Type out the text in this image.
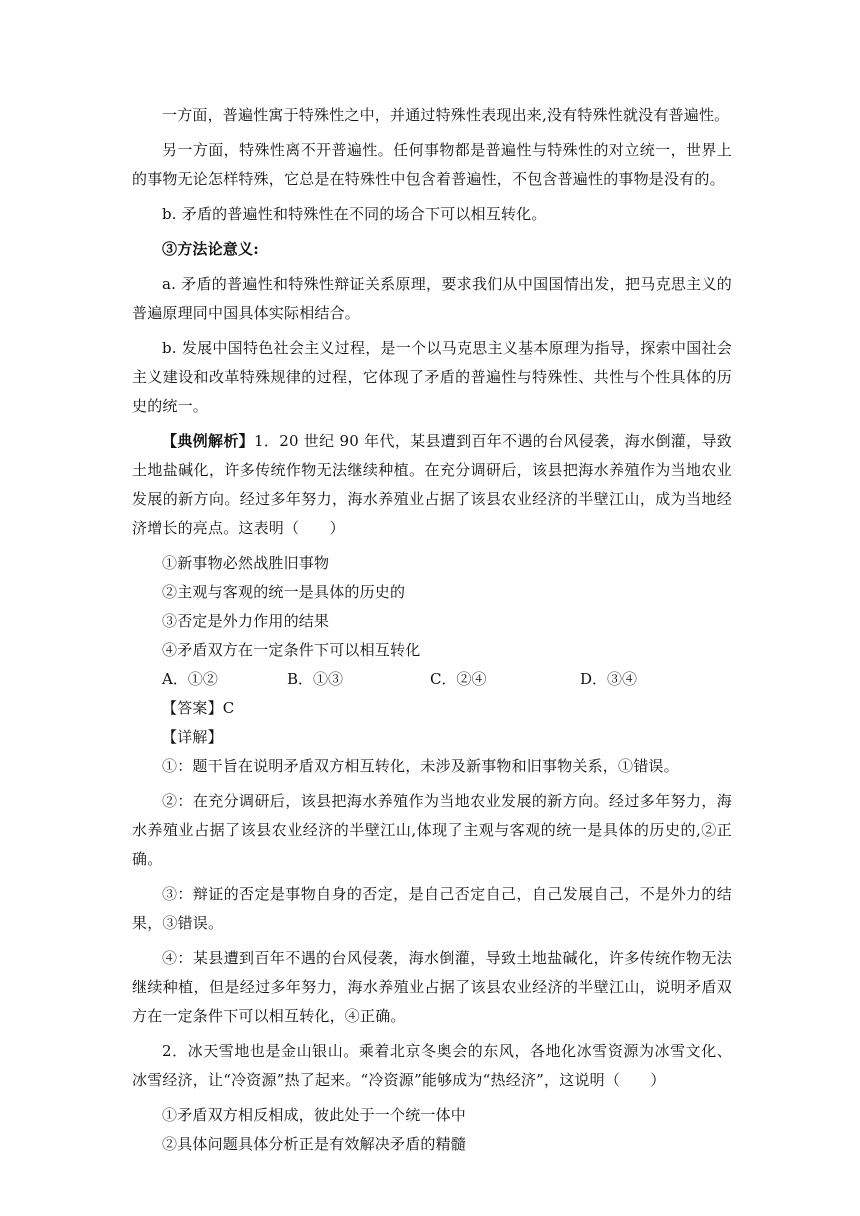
一方面，普遍性寓于特殊性之中，并通过特殊性表现出来,没有特殊性就没有普遍性。

另一方面，特殊性离不开普遍性。任何事物都是普遍性与特殊性的对立统一，世界上的事物无论怎样特殊，它总是在特殊性中包含着普遍性，不包含普遍性的事物是没有的。

b. 矛盾的普遍性和特殊性在不同的场合下可以相互转化。

③方法论意义:

a. 矛盾的普遍性和特殊性辩证关系原理，要求我们从中国国情出发，把马克思主义的普遍原理同中国具体实际相结合。

b. 发展中国特色社会主义过程，是一个以马克思主义基本原理为指导，探索中国社会主义建设和改革特殊规律的过程，它体现了矛盾的普遍性与特殊性、共性与个性具体的历史的统一。

【典例解析】1．20 世纪 90 年代，某县遭到百年不遇的台风侵袭，海水倒灌，导致土地盐碱化，许多传统作物无法继续种植。在充分调研后，该县把海水养殖作为当地农业发展的新方向。经过多年努力，海水养殖业占据了该县农业经济的半壁江山，成为当地经济增长的亮点。这表明（　　）

①新事物必然战胜旧事物

②主观与客观的统一是具体的历史的

③否定是外力作用的结果

④矛盾双方在一定条件下可以相互转化

A．①②	B．①③	C．②④	D．③④

【答案】C

【详解】

①：题干旨在说明矛盾双方相互转化，未涉及新事物和旧事物关系，①错误。

②：在充分调研后，该县把海水养殖作为当地农业发展的新方向。经过多年努力，海水养殖业占据了该县农业经济的半壁江山,体现了主观与客观的统一是具体的历史的,②正确。

③：辩证的否定是事物自身的否定，是自己否定自己，自己发展自己，不是外力的结果，③错误。

④：某县遭到百年不遇的台风侵袭，海水倒灌，导致土地盐碱化，许多传统作物无法继续种植，但是经过多年努力，海水养殖业占据了该县农业经济的半壁江山，说明矛盾双方在一定条件下可以相互转化，④正确。

2．冰天雪地也是金山银山。乘着北京冬奥会的东风，各地化冰雪资源为冰雪文化、冰雪经济，让“冷资源”热了起来。“冷资源”能够成为“热经济”，这说明（　　）

①矛盾双方相反相成，彼此处于一个统一体中

②具体问题具体分析正是有效解决矛盾的精髓
